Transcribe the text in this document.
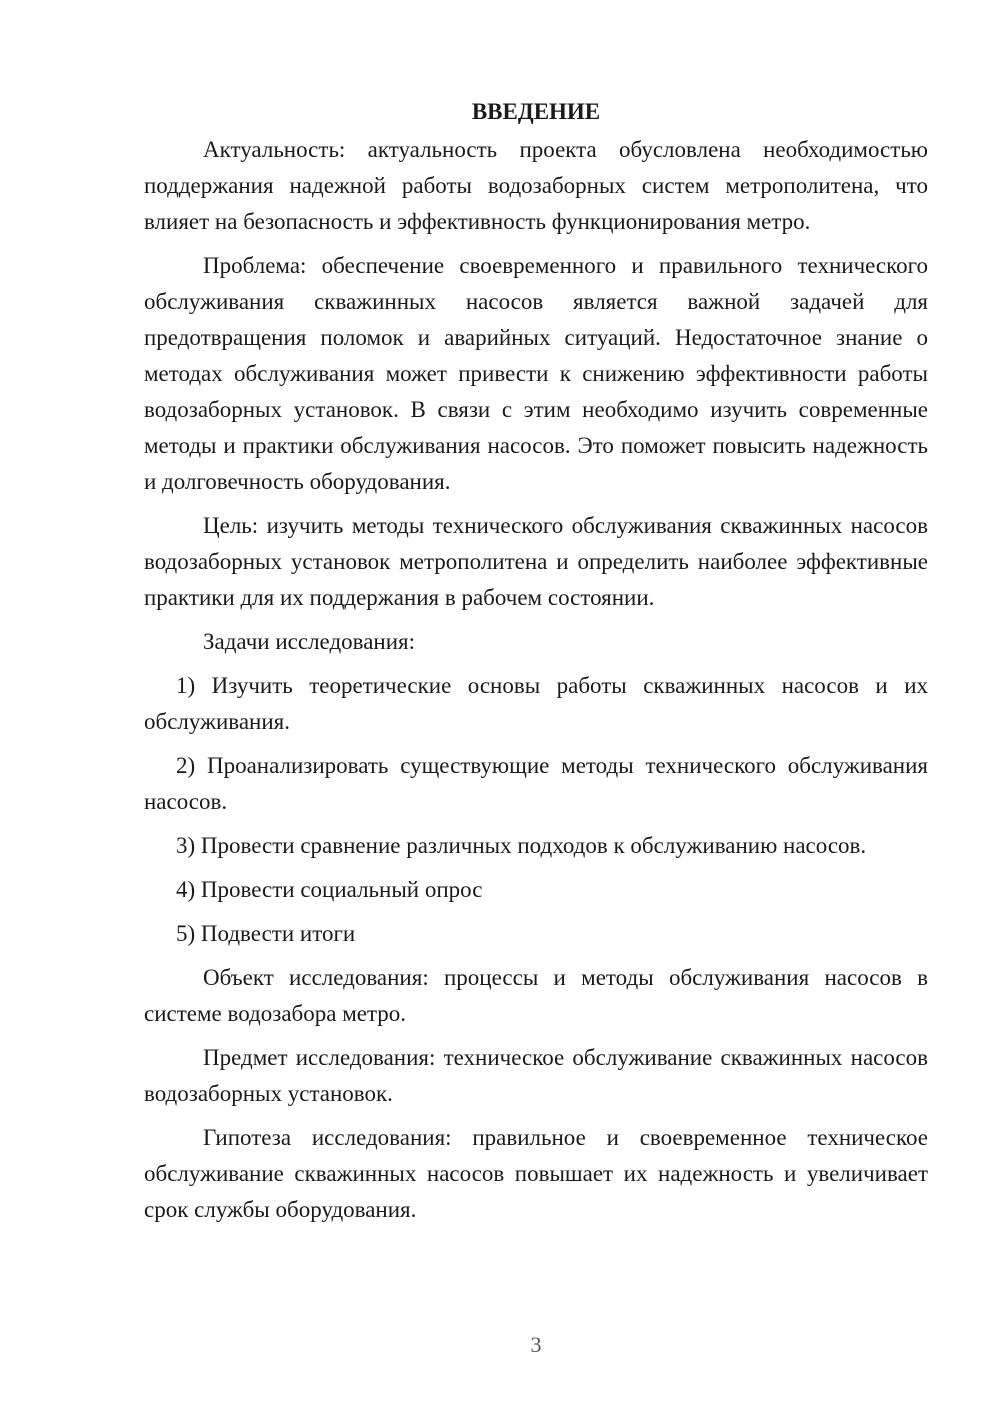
ВВЕДЕНИЕ

Актуальность: актуальность проекта обусловлена необходимостью поддержания надежной работы водозаборных систем метрополитена, что влияет на безопасность и эффективность функционирования метро.

Проблема: обеспечение своевременного и правильного технического обслуживания скважинных насосов является важной задачей для предотвращения поломок и аварийных ситуаций. Недостаточное знание о методах обслуживания может привести к снижению эффективности работы водозаборных установок. В связи с этим необходимо изучить современные методы и практики обслуживания насосов. Это поможет повысить надежность и долговечность оборудования.

Цель: изучить методы технического обслуживания скважинных насосов водозаборных установок метрополитена и определить наиболее эффективные практики для их поддержания в рабочем состоянии.

Задачи исследования:

1) Изучить теоретические основы работы скважинных насосов и их обслуживания.

2) Проанализировать существующие методы технического обслуживания насосов.

3) Провести сравнение различных подходов к обслуживанию насосов.

4) Провести социальный опрос

5) Подвести итоги

Объект исследования: процессы и методы обслуживания насосов в системе водозабора метро.

Предмет исследования: техническое обслуживание скважинных насосов водозаборных установок.

Гипотеза исследования: правильное и своевременное техническое обслуживание скважинных насосов повышает их надежность и увеличивает срок службы оборудования.

3
